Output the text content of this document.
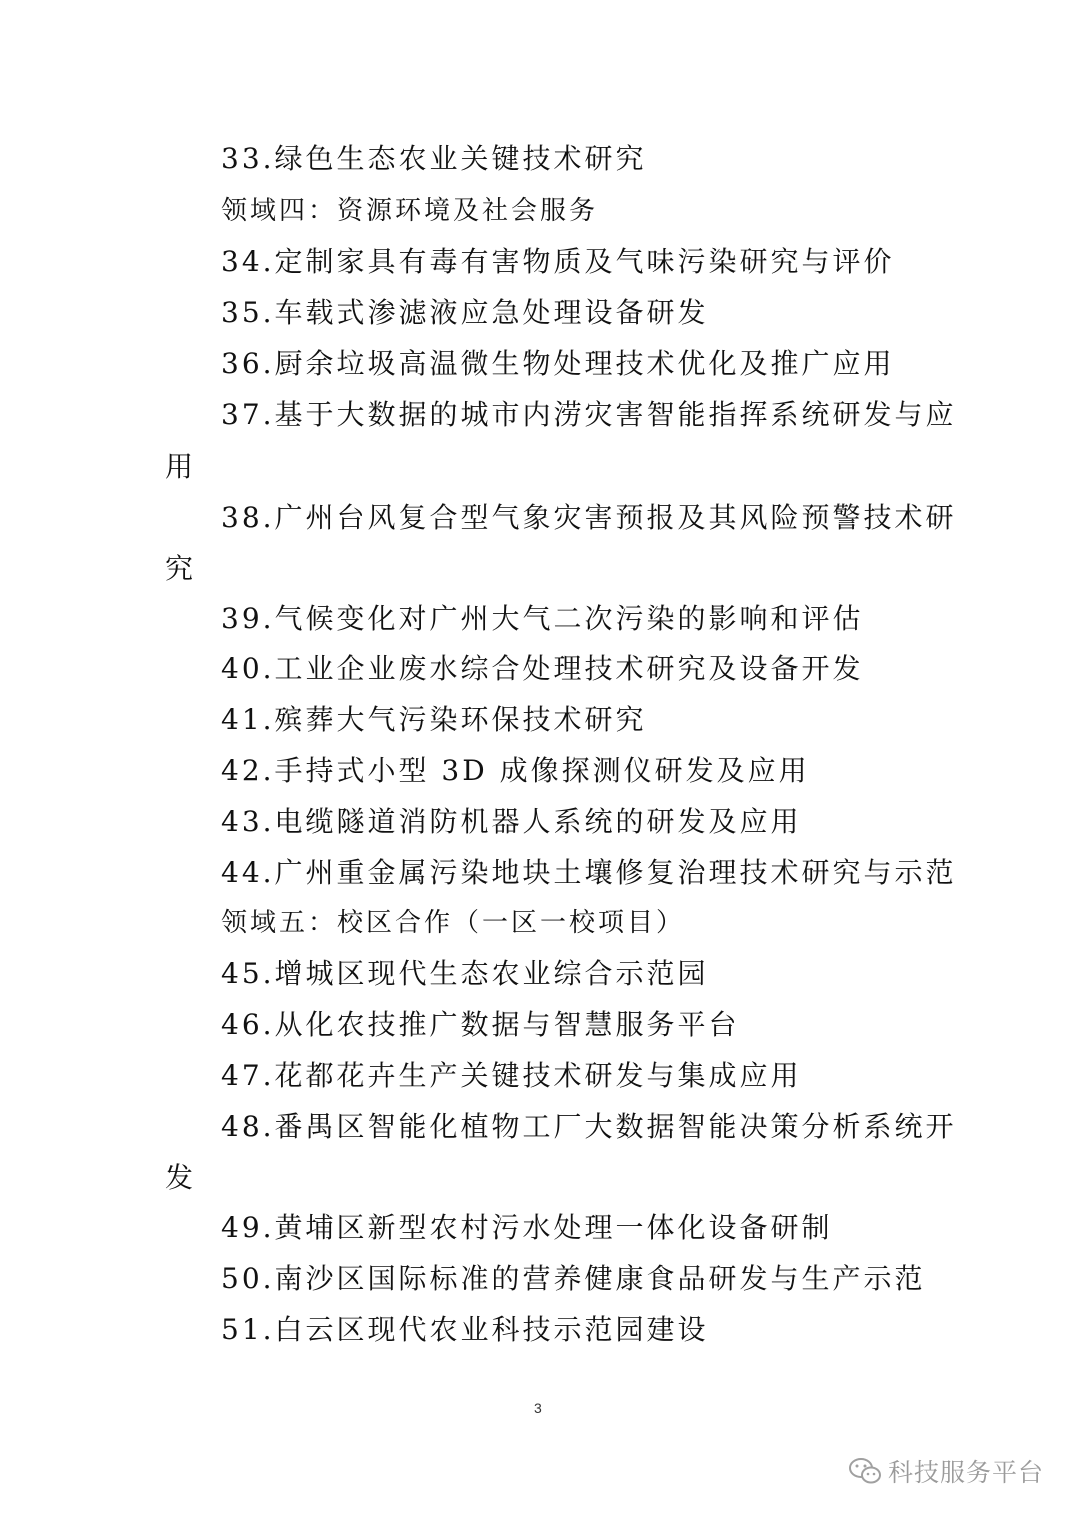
33.绿色生态农业关键技术研究
领域四：资源环境及社会服务
34.定制家具有毒有害物质及气味污染研究与评价
35.车载式渗滤液应急处理设备研发
36.厨余垃圾高温微生物处理技术优化及推广应用
37.基于大数据的城市内涝灾害智能指挥系统研发与应
用
38.广州台风复合型气象灾害预报及其风险预警技术研
究
39.气候变化对广州大气二次污染的影响和评估
40.工业企业废水综合处理技术研究及设备开发
41.殡葬大气污染环保技术研究
42.手持式小型 3D 成像探测仪研发及应用
43.电缆隧道消防机器人系统的研发及应用
44.广州重金属污染地块土壤修复治理技术研究与示范
领域五：校区合作（一区一校项目）
45.增城区现代生态农业综合示范园
46.从化农技推广数据与智慧服务平台
47.花都花卉生产关键技术研发与集成应用
48.番禺区智能化植物工厂大数据智能决策分析系统开
发
49.黄埔区新型农村污水处理一体化设备研制
50.南沙区国际标准的营养健康食品研发与生产示范
51.白云区现代农业科技示范园建设
3
科技服务平台
